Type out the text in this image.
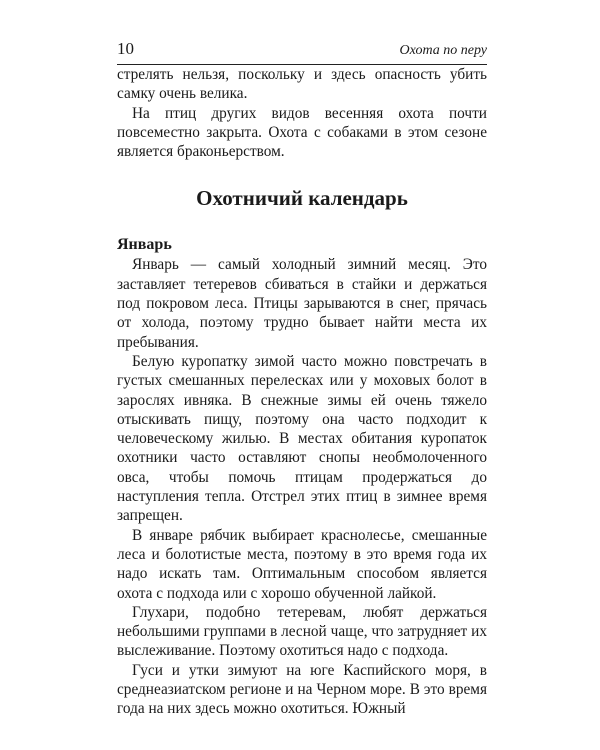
10	Охота по перу

стрелять нельзя, поскольку и здесь опасность убить самку очень велика.

На птиц других видов весенняя охота почти повсеместно закрыта. Охота с собаками в этом сезоне является браконьерством.

Охотничий календарь
Январь

Январь — самый холодный зимний месяц. Это заставляет тетеревов сбиваться в стайки и держаться под покровом леса. Птицы зарываются в снег, прячась от холода, поэтому трудно бывает найти места их пребывания.

Белую куропатку зимой часто можно повстречать в густых смешанных перелесках или у моховых болот в зарослях ивняка. В снежные зимы ей очень тяжело отыскивать пищу, поэтому она часто подходит к человеческому жилью. В местах обитания куропаток охотники часто оставляют снопы необмолоченного овса, чтобы помочь птицам продержаться до наступления тепла. Отстрел этих птиц в зимнее время запрещен.

В январе рябчик выбирает краснолесье, смешанные леса и болотистые места, поэтому в это время года их надо искать там. Оптимальным способом является охота с подхода или с хорошо обученной лайкой.

Глухари, подобно тетеревам, любят держаться небольшими группами в лесной чаще, что затрудняет их выслеживание. Поэтому охотиться надо с подхода.

Гуси и утки зимуют на юге Каспийского моря, в среднеазиатском регионе и на Черном море. В это время года на них здесь можно охотиться. Южный
